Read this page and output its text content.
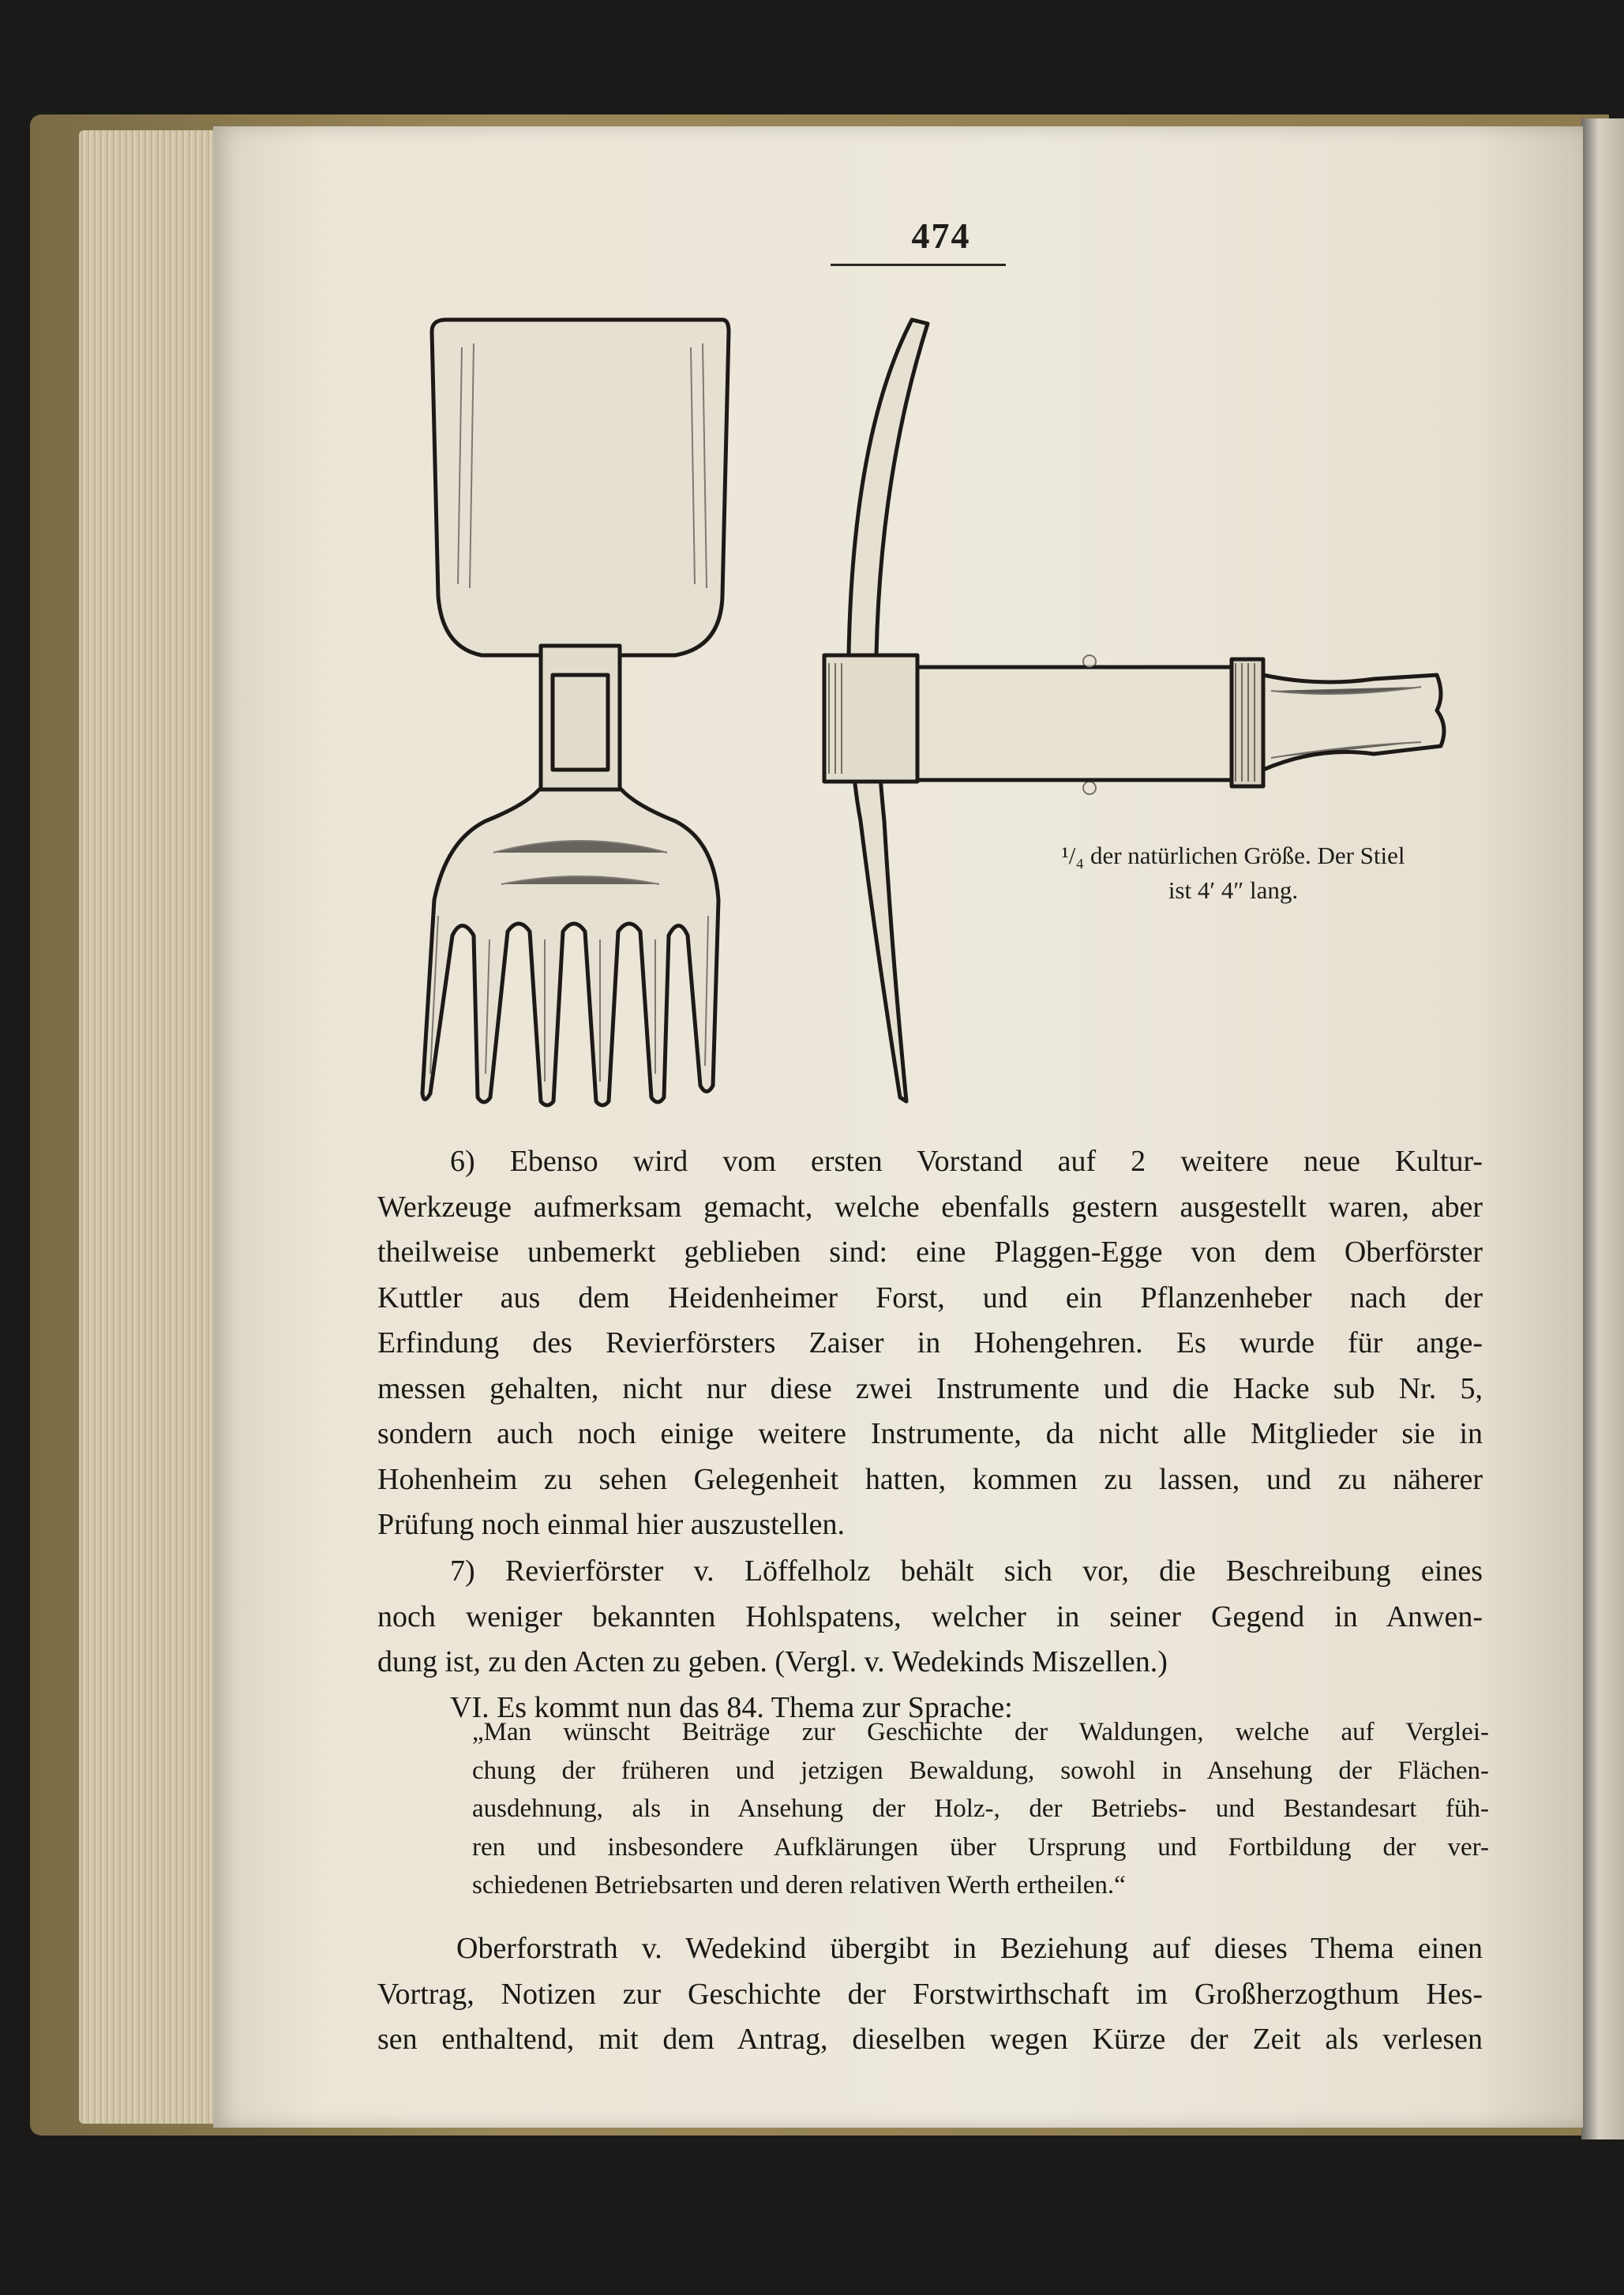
474
¹/₄ der natürlichen Größe. Der Stiel
ist 4′ 4″ lang.
6) Ebenso wird vom ersten Vorstand auf 2 weitere neue Kultur-
Werkzeuge aufmerksam gemacht, welche ebenfalls gestern ausgestellt waren, aber
theilweise unbemerkt geblieben sind: eine Plaggen-Egge von dem Oberförster
Kuttler aus dem Heidenheimer Forst, und ein Pflanzenheber nach der
Erfindung des Revierförsters Zaiser in Hohengehren. Es wurde für ange-
messen gehalten, nicht nur diese zwei Instrumente und die Hacke sub Nr. 5,
sondern auch noch einige weitere Instrumente, da nicht alle Mitglieder sie in
Hohenheim zu sehen Gelegenheit hatten, kommen zu lassen, und zu näherer
Prüfung noch einmal hier auszustellen.
7) Revierförster v. Löffelholz behält sich vor, die Beschreibung eines
noch weniger bekannten Hohlspatens, welcher in seiner Gegend in Anwen-
dung ist, zu den Acten zu geben. (Vergl. v. Wedekinds Miszellen.)
VI. Es kommt nun das 84. Thema zur Sprache:
„Man wünscht Beiträge zur Geschichte der Waldungen, welche auf Verglei-
chung der früheren und jetzigen Bewaldung, sowohl in Ansehung der Flächen-
ausdehnung, als in Ansehung der Holz-, der Betriebs- und Bestandesart füh-
ren und insbesondere Aufklärungen über Ursprung und Fortbildung der ver-
schiedenen Betriebsarten und deren relativen Werth ertheilen.“
Oberforstrath v. Wedekind übergibt in Beziehung auf dieses Thema einen
Vortrag, Notizen zur Geschichte der Forstwirthschaft im Großherzogthum Hes-
sen enthaltend, mit dem Antrag, dieselben wegen Kürze der Zeit als verlesen
